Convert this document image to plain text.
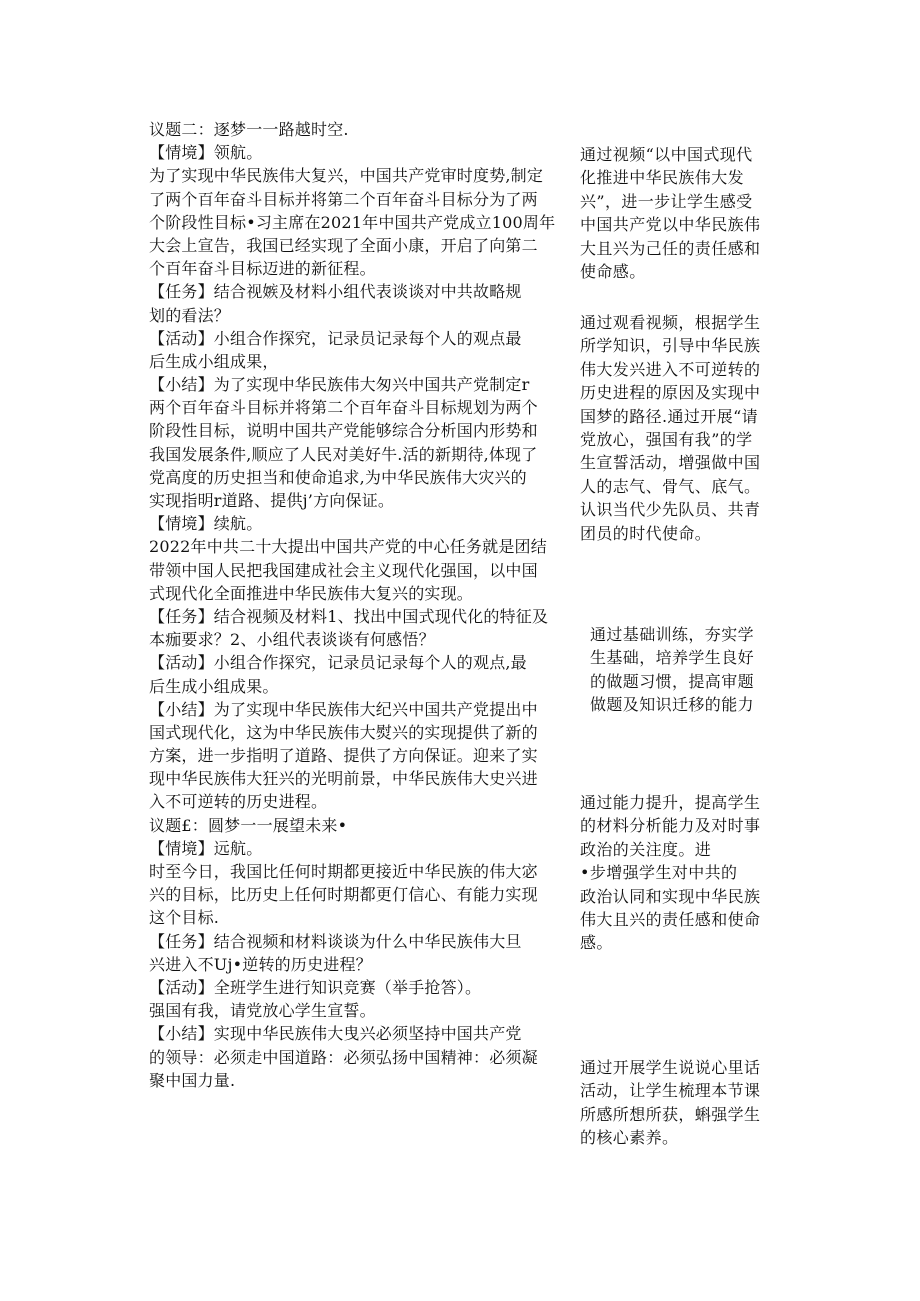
议题二：逐梦一一路越时空.
【情境】领航。
为了实现中华民族伟大复兴，中国共产党审时度势,制定
了两个百年奋斗目标并将第二个百年奋斗目标分为了两
个阶段性目标•习主席在2021年中国共产党成立100周年
大会上宣告，我国已经实现了全面小康，开启了向第二
个百年奋斗目标迈进的新征程。
【任务】结合视嫉及材料小组代表谈谈对中共故略规
划的看法？
【活动】小组合作探究，记录员记录每个人的观点最
后生成小组成果，
【小结】为了实现中华民族伟大匆兴中国共产党制定r
两个百年奋斗目标并将第二个百年奋斗目标规划为两个
阶段性目标，说明中国共产党能够综合分析国内形势和
我国发展条件,顺应了人民对美好牛.活的新期待,体现了
党高度的历史担当和使命追求,为中华民族伟大灾兴的
实现指明r道路、提供j’方向保证。
【情境】续航。
2022年中共二十大提出中国共产党的中心任务就是团结
带领中国人民把我国建成社会主义现代化强国，以中国
式现代化全面推进中华民族伟大复兴的实现。
【任务】结合视频及材料1、找出中国式现代化的特征及
本痂要求？2、小组代表谈谈有何感悟？
【活动】小组合作探究，记录员记录每个人的观点,最
后生成小组成果。
【小结】为了实现中华民族伟大纪兴中国共产党提出中
国式现代化，这为中华民族伟大熨兴的实现提供了新的
方案，进一步指明了道路、提供了方向保证。迎来了实
现中华民族伟大狂兴的光明前景，中华民族伟大史兴进
入不可逆转的历史进程。
议题£：圆梦一一展望未来•
【情境】远航。
时至今日，我国比任何时期都更接近中华民族的伟大宓
兴的目标，比历史上任何时期都更仃信心、有能力实现
这个目标.
【任务】结合视频和材料谈谈为什么中华民族伟大旦
兴进入不Uj•逆转的历史进程？
【活动】全班学生进行知识竞赛（举手抢答）。
强国有我，请党放心学生宣誓。
【小结】实现中华民族伟大曳兴必须坚持中国共产党
的领导：必须走中国道路：必须弘扬中国精神：必须凝
聚中国力量.
通过视频“以中国式现代
化推进中华民族伟大发
兴”，进一步让学生感受
中国共产党以中华民族伟
大且兴为己任的责任感和
使命感。
通过观看视频，根据学生
所学知识，引导中华民族
伟大发兴进入不可逆转的
历史进程的原因及实现中
国梦的路径.通过开展“请
党放心，强国有我”的学
生宣誓活动，增强做中国
人的志气、骨气、底气。
认识当代少先队员、共青
团员的时代使命。
通过基础训练，夯实学
生基础，培养学生良好
的做题习惯，提高审题
做题及知识迁移的能力
通过能力提升，提高学生
的材料分析能力及对时事
政治的关注度。进
•步增强学生对中共的
政治认同和实现中华民族
伟大且兴的责任感和使命
感。
通过开展学生说说心里话
活动，让学生梳理本节课
所感所想所获，蝌强学生
的核心素养。
